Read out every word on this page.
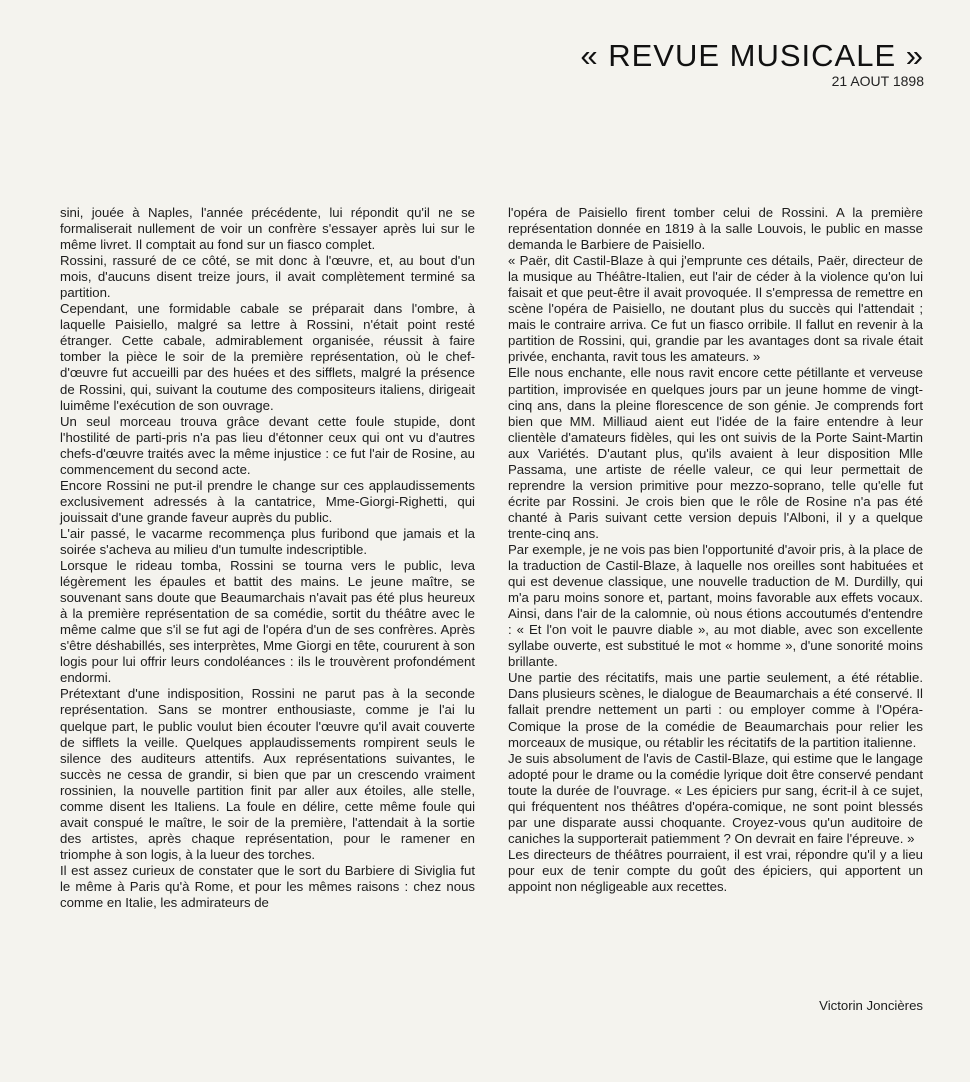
« REVUE MUSICALE »
21 AOUT 1898

sini, jouée à Naples, l'année précédente, lui répondit qu'il ne se formaliserait nullement de voir un confrère s'essayer après lui sur le même livret. Il comptait au fond sur un fiasco complet.

Rossini, rassuré de ce côté, se mit donc à l'œuvre, et, au bout d'un mois, d'aucuns disent treize jours, il avait complètement terminé sa partition.

Cependant, une formidable cabale se préparait dans l'ombre, à laquelle Paisiello, malgré sa lettre à Rossini, n'était point resté étranger. Cette cabale, admirablement organisée, réussit à faire tomber la pièce le soir de la première représentation, où le chef-d'œuvre fut accueilli par des huées et des sifflets, malgré la présence de Rossini, qui, suivant la coutume des compositeurs italiens, dirigeait luimême l'exécution de son ouvrage.

Un seul morceau trouva grâce devant cette foule stupide, dont l'hostilité de parti-pris n'a pas lieu d'étonner ceux qui ont vu d'autres chefs-d'œuvre traités avec la même injustice : ce fut l'air de Rosine, au commencement du second acte.

Encore Rossini ne put-il prendre le change sur ces applaudissements exclusivement adressés à la cantatrice, Mme-Giorgi-Righetti, qui jouissait d'une grande faveur auprès du public.

L'air passé, le vacarme recommença plus furibond que jamais et la soirée s'acheva au milieu d'un tumulte indescriptible.

Lorsque le rideau tomba, Rossini se tourna vers le public, leva légèrement les épaules et battit des mains. Le jeune maître, se souvenant sans doute que Beaumarchais n'avait pas été plus heureux à la première représentation de sa comédie, sortit du théâtre avec le même calme que s'il se fut agi de l'opéra d'un de ses confrères. Après s'être déshabillés, ses interprètes, Mme Giorgi en tête, coururent à son logis pour lui offrir leurs condoléances : ils le trouvèrent profondément endormi.

Prétextant d'une indisposition, Rossini ne parut pas à la seconde représentation. Sans se montrer enthousiaste, comme je l'ai lu quelque part, le public voulut bien écouter l'œuvre qu'il avait couverte de sifflets la veille. Quelques applaudissements rompirent seuls le silence des auditeurs attentifs. Aux représentations suivantes, le succès ne cessa de grandir, si bien que par un crescendo vraiment rossinien, la nouvelle partition finit par aller aux étoiles, alle stelle, comme disent les Italiens. La foule en délire, cette même foule qui avait conspué le maître, le soir de la première, l'attendait à la sortie des artistes, après chaque représentation, pour le ramener en triomphe à son logis, à la lueur des torches.

Il est assez curieux de constater que le sort du Barbiere di Siviglia fut le même à Paris qu'à Rome, et pour les mêmes raisons : chez nous comme en Italie, les admirateurs de

l'opéra de Paisiello firent tomber celui de Rossini. A la première représentation donnée en 1819 à la salle Louvois, le public en masse demanda le Barbiere de Paisiello.

« Paër, dit Castil-Blaze à qui j'emprunte ces détails, Paër, directeur de la musique au Théâtre-Italien, eut l'air de céder à la violence qu'on lui faisait et que peut-être il avait provoquée. Il s'empressa de remettre en scène l'opéra de Paisiello, ne doutant plus du succès qui l'attendait ; mais le contraire arriva. Ce fut un fiasco orribile. Il fallut en revenir à la partition de Rossini, qui, grandie par les avantages dont sa rivale était privée, enchanta, ravit tous les amateurs. »

Elle nous enchante, elle nous ravit encore cette pétillante et verveuse partition, improvisée en quelques jours par un jeune homme de vingt-cinq ans, dans la pleine florescence de son génie. Je comprends fort bien que MM. Milliaud aient eut l'idée de la faire entendre à leur clientèle d'amateurs fidèles, qui les ont suivis de la Porte Saint-Martin aux Variétés. D'autant plus, qu'ils avaient à leur disposition Mlle Passama, une artiste de réelle valeur, ce qui leur permettait de reprendre la version primitive pour mezzo-soprano, telle qu'elle fut écrite par Rossini. Je crois bien que le rôle de Rosine n'a pas été chanté à Paris suivant cette version depuis l'Alboni, il y a quelque trente-cinq ans.

Par exemple, je ne vois pas bien l'opportunité d'avoir pris, à la place de la traduction de Castil-Blaze, à laquelle nos oreilles sont habituées et qui est devenue classique, une nouvelle traduction de M. Durdilly, qui m'a paru moins sonore et, partant, moins favorable aux effets vocaux. Ainsi, dans l'air de la calomnie, où nous étions accoutumés d'entendre : « Et l'on voit le pauvre diable », au mot diable, avec son excellente syllabe ouverte, est substitué le mot « homme », d'une sonorité moins brillante.

Une partie des récitatifs, mais une partie seulement, a été rétablie. Dans plusieurs scènes, le dialogue de Beaumarchais a été conservé. Il fallait prendre nettement un parti : ou employer comme à l'Opéra-Comique la prose de la comédie de Beaumarchais pour relier les morceaux de musique, ou rétablir les récitatifs de la partition italienne.

Je suis absolument de l'avis de Castil-Blaze, qui estime que le langage adopté pour le drame ou la comédie lyrique doit être conservé pendant toute la durée de l'ouvrage. « Les épiciers pur sang, écrit-il à ce sujet, qui fréquentent nos théâtres d'opéra-comique, ne sont point blessés par une disparate aussi choquante. Croyez-vous qu'un auditoire de caniches la supporterait patiemment ? On devrait en faire l'épreuve. »

Les directeurs de théâtres pourraient, il est vrai, répondre qu'il y a lieu pour eux de tenir compte du goût des épiciers, qui apportent un appoint non négligeable aux recettes.

Victorin Joncières
